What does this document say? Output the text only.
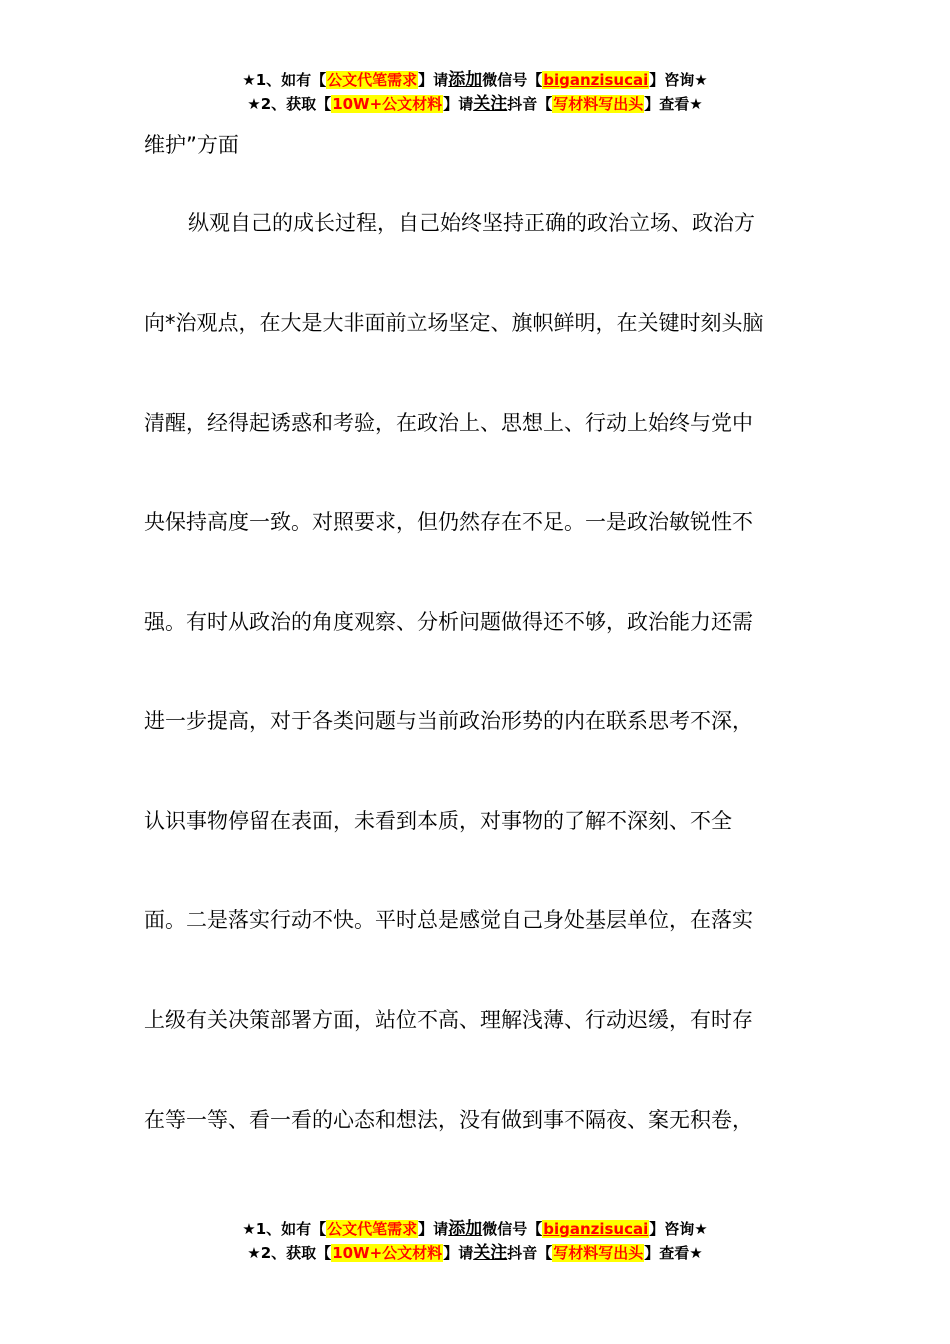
★1、如有【公文代笔需求】请添加微信号【biganzisucai】咨询★
★2、获取【10W+公文材料】请关注抖音【写材料写出头】查看★
维护”方面
纵观自己的成长过程，自己始终坚持正确的政治立场、政治方
向*治观点，在大是大非面前立场坚定、旗帜鲜明，在关键时刻头脑
清醒，经得起诱惑和考验，在政治上、思想上、行动上始终与党中
央保持高度一致。对照要求，但仍然存在不足。一是政治敏锐性不
强。有时从政治的角度观察、分析问题做得还不够，政治能力还需
进一步提高，对于各类问题与当前政治形势的内在联系思考不深，
认识事物停留在表面，未看到本质，对事物的了解不深刻、不全
面。二是落实行动不快。平时总是感觉自己身处基层单位，在落实
上级有关决策部署方面，站位不高、理解浅薄、行动迟缓，有时存
在等一等、看一看的心态和想法，没有做到事不隔夜、案无积卷，
★1、如有【公文代笔需求】请添加微信号【biganzisucai】咨询★
★2、获取【10W+公文材料】请关注抖音【写材料写出头】查看★
